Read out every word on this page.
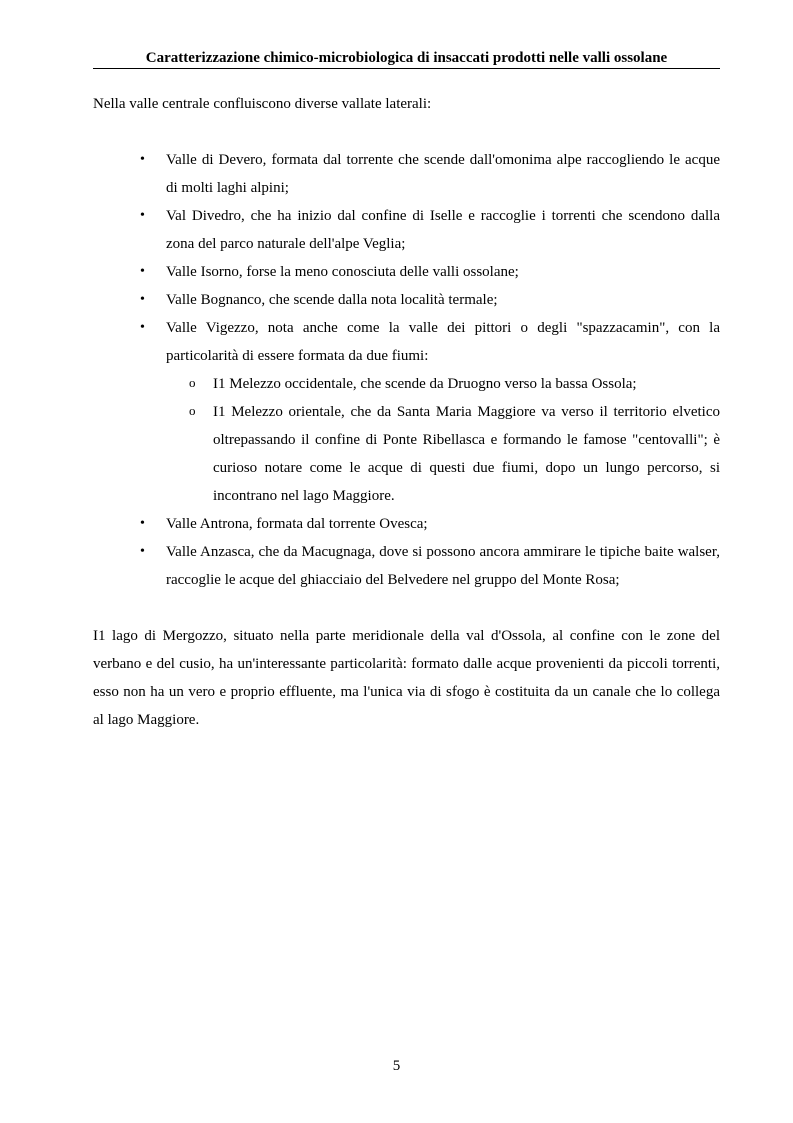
Caratterizzazione chimico-microbiologica di insaccati prodotti nelle valli ossolane

Nella valle centrale confluiscono diverse vallate laterali:

• Valle di Devero, formata dal torrente che scende dall'omonima alpe raccogliendo le acque di molti laghi alpini;
• Val Divedro, che ha inizio dal confine di Iselle e raccoglie i torrenti che scendono dalla zona del parco naturale dell'alpe Veglia;
• Valle Isorno, forse la meno conosciuta delle valli ossolane;
• Valle Bognanco, che scende dalla nota località termale;
• Valle Vigezzo, nota anche come la valle dei pittori o degli "spazzacamin", con la particolarità di essere formata da due fiumi:
o I1 Melezzo occidentale, che scende da Druogno verso la bassa Ossola;
o I1 Melezzo orientale, che da Santa Maria Maggiore va verso il territorio elvetico oltrepassando il confine di Ponte Ribellasca e formando le famose "centovalli"; è curioso notare come le acque di questi due fiumi, dopo un lungo percorso, si incontrano nel lago Maggiore.
• Valle Antrona, formata dal torrente Ovesca;
• Valle Anzasca, che da Macugnaga, dove si possono ancora ammirare le tipiche baite walser, raccoglie le acque del ghiacciaio del Belvedere nel gruppo del Monte Rosa;

I1 lago di Mergozzo, situato nella parte meridionale della val d'Ossola, al confine con le zone del verbano e del cusio, ha un'interessante particolarità: formato dalle acque provenienti da piccoli torrenti, esso non ha un vero e proprio effluente, ma l'unica via di sfogo è costituita da un canale che lo collega al lago Maggiore.

5
